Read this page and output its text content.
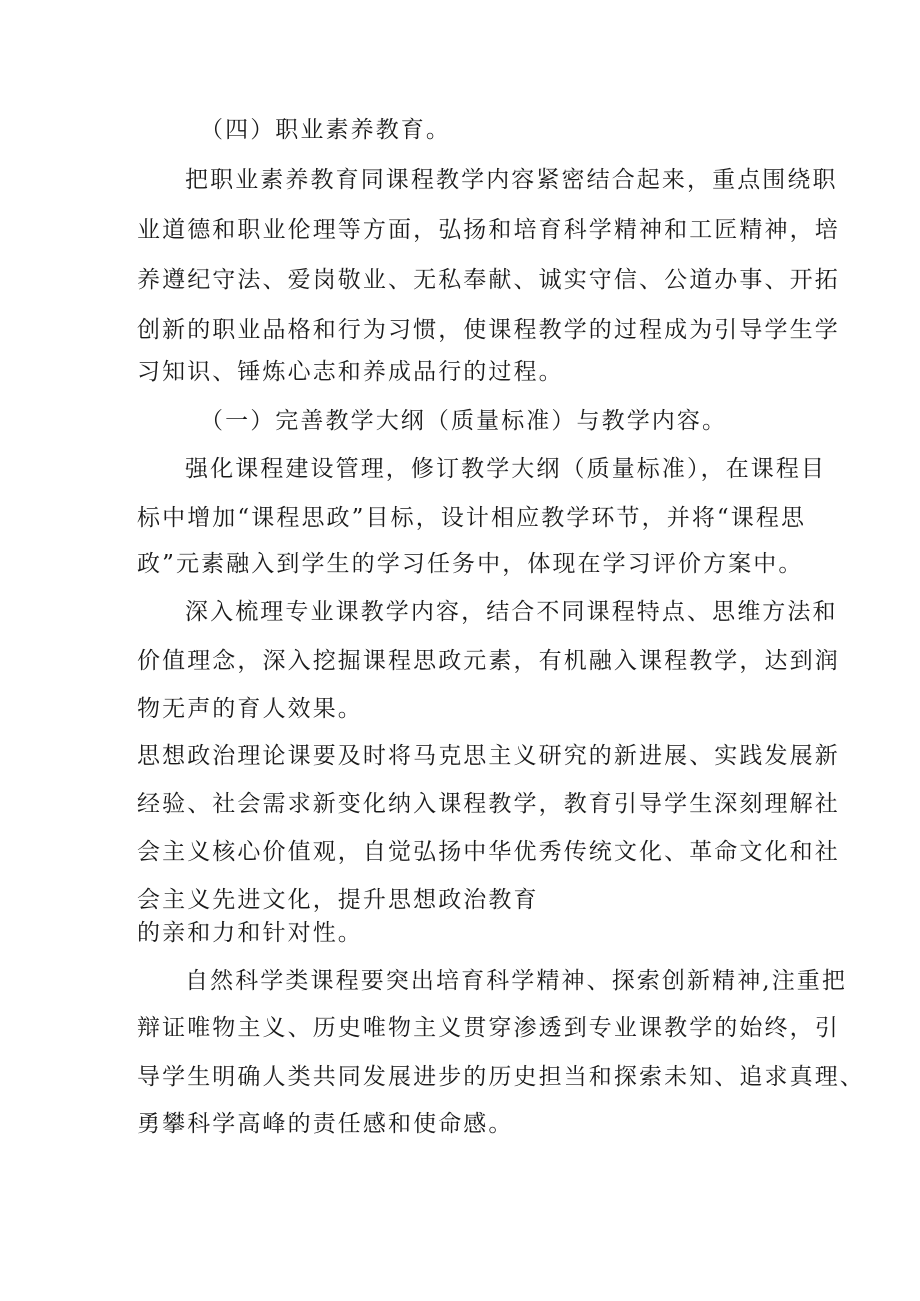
（四）职业素养教育。

把职业素养教育同课程教学内容紧密结合起来，重点围绕职

业道德和职业伦理等方面，弘扬和培育科学精神和工匠精神，培

养遵纪守法、爱岗敬业、无私奉献、诚实守信、公道办事、开拓

创新的职业品格和行为习惯，使课程教学的过程成为引导学生学

习知识、锤炼心志和养成品行的过程。

（一）完善教学大纲（质量标准）与教学内容。

强化课程建设管理，修订教学大纲（质量标准），在课程目

标中增加“课程思政”目标，设计相应教学环节，并将“课程思

政”元素融入到学生的学习任务中，体现在学习评价方案中。

深入梳理专业课教学内容，结合不同课程特点、思维方法和

价值理念，深入挖掘课程思政元素，有机融入课程教学，达到润

物无声的育人效果。

思想政治理论课要及时将马克思主义研究的新进展、实践发展新

经验、社会需求新变化纳入课程教学，教育引导学生深刻理解社

会主义核心价值观，自觉弘扬中华优秀传统文化、革命文化和社

会主义先进文化，提升思想政治教育

的亲和力和针对性。

自然科学类课程要突出培育科学精神、探索创新精神,注重把

辩证唯物主义、历史唯物主义贯穿渗透到专业课教学的始终，引

导学生明确人类共同发展进步的历史担当和探索未知、追求真理、

勇攀科学高峰的责任感和使命感。
